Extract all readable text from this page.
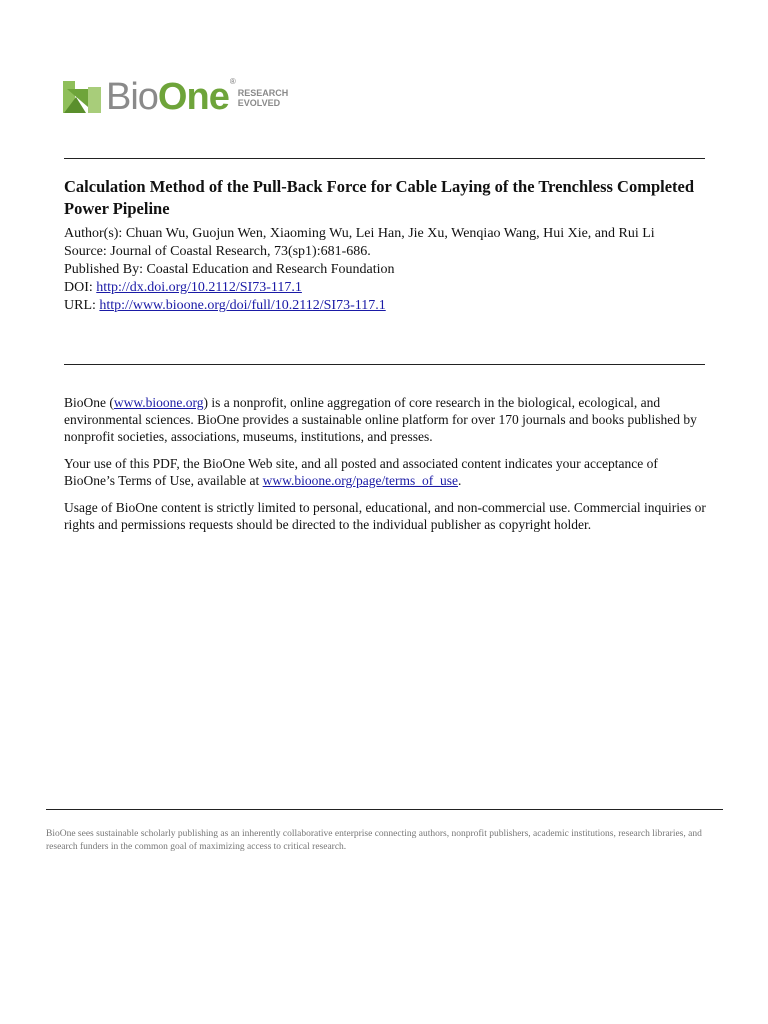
BioOne®
RESEARCH
EVOLVED
Calculation Method of the Pull-Back Force for Cable Laying of the Trenchless Completed Power Pipeline

Author(s): Chuan Wu, Guojun Wen, Xiaoming Wu, Lei Han, Jie Xu, Wenqiao Wang, Hui Xie, and Rui Li

Source: Journal of Coastal Research, 73(sp1):681-686.

Published By: Coastal Education and Research Foundation

DOI: http://dx.doi.org/10.2112/SI73-117.1

URL: http://www.bioone.org/doi/full/10.2112/SI73-117.1

BioOne (www.bioone.org) is a nonprofit, online aggregation of core research in the biological, ecological, and environmental sciences. BioOne provides a sustainable online platform for over 170 journals and books published by nonprofit societies, associations, museums, institutions, and presses.

Your use of this PDF, the BioOne Web site, and all posted and associated content indicates your acceptance of BioOne’s Terms of Use, available at www.bioone.org/page/terms_of_use.

Usage of BioOne content is strictly limited to personal, educational, and non-commercial use. Commercial inquiries or rights and permissions requests should be directed to the individual publisher as copyright holder.

BioOne sees sustainable scholarly publishing as an inherently collaborative enterprise connecting authors, nonprofit publishers, academic institutions, research libraries, and research funders in the common goal of maximizing access to critical research.
